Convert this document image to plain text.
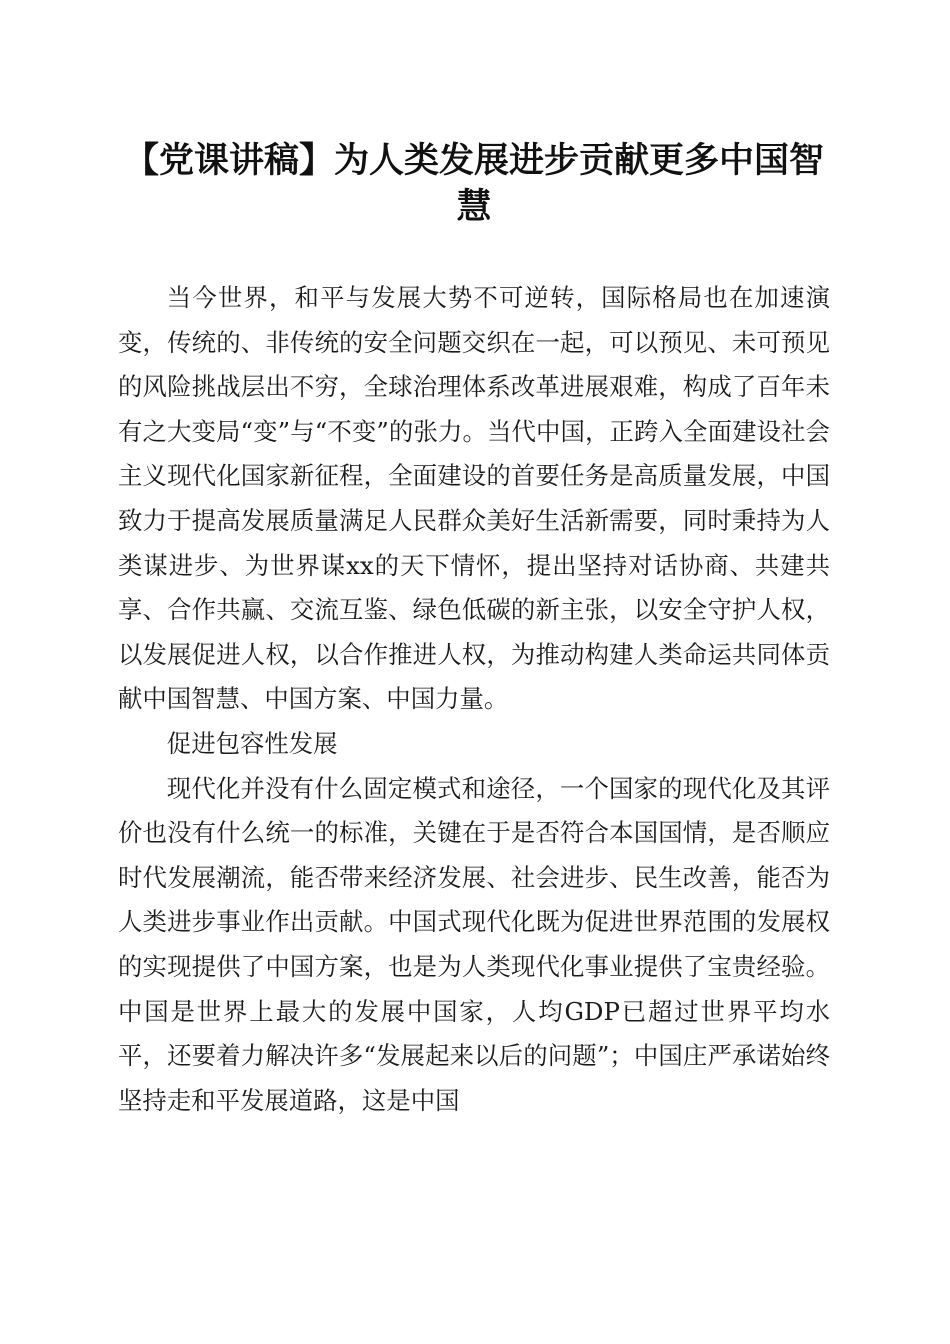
【党课讲稿】为人类发展进步贡献更多中国智慧

当今世界，和平与发展大势不可逆转，国际格局也在加速演变，传统的、非传统的安全问题交织在一起，可以预见、未可预见的风险挑战层出不穷，全球治理体系改革进展艰难，构成了百年未有之大变局“变”与“不变”的张力。当代中国，正跨入全面建设社会主义现代化国家新征程，全面建设的首要任务是高质量发展，中国致力于提高发展质量满足人民群众美好生活新需要，同时秉持为人类谋进步、为世界谋xx的天下情怀，提出坚持对话协商、共建共享、合作共赢、交流互鉴、绿色低碳的新主张，以安全守护人权，以发展促进人权，以合作推进人权，为推动构建人类命运共同体贡献中国智慧、中国方案、中国力量。

促进包容性发展

现代化并没有什么固定模式和途径，一个国家的现代化及其评价也没有什么统一的标准，关键在于是否符合本国国情，是否顺应时代发展潮流，能否带来经济发展、社会进步、民生改善，能否为人类进步事业作出贡献。中国式现代化既为促进世界范围的发展权的实现提供了中国方案，也是为人类现代化事业提供了宝贵经验。中国是世界上最大的发展中国家，人均GDP已超过世界平均水平，还要着力解决许多“发展起来以后的问题”；中国庄严承诺始终坚持走和平发展道路，这是中国
